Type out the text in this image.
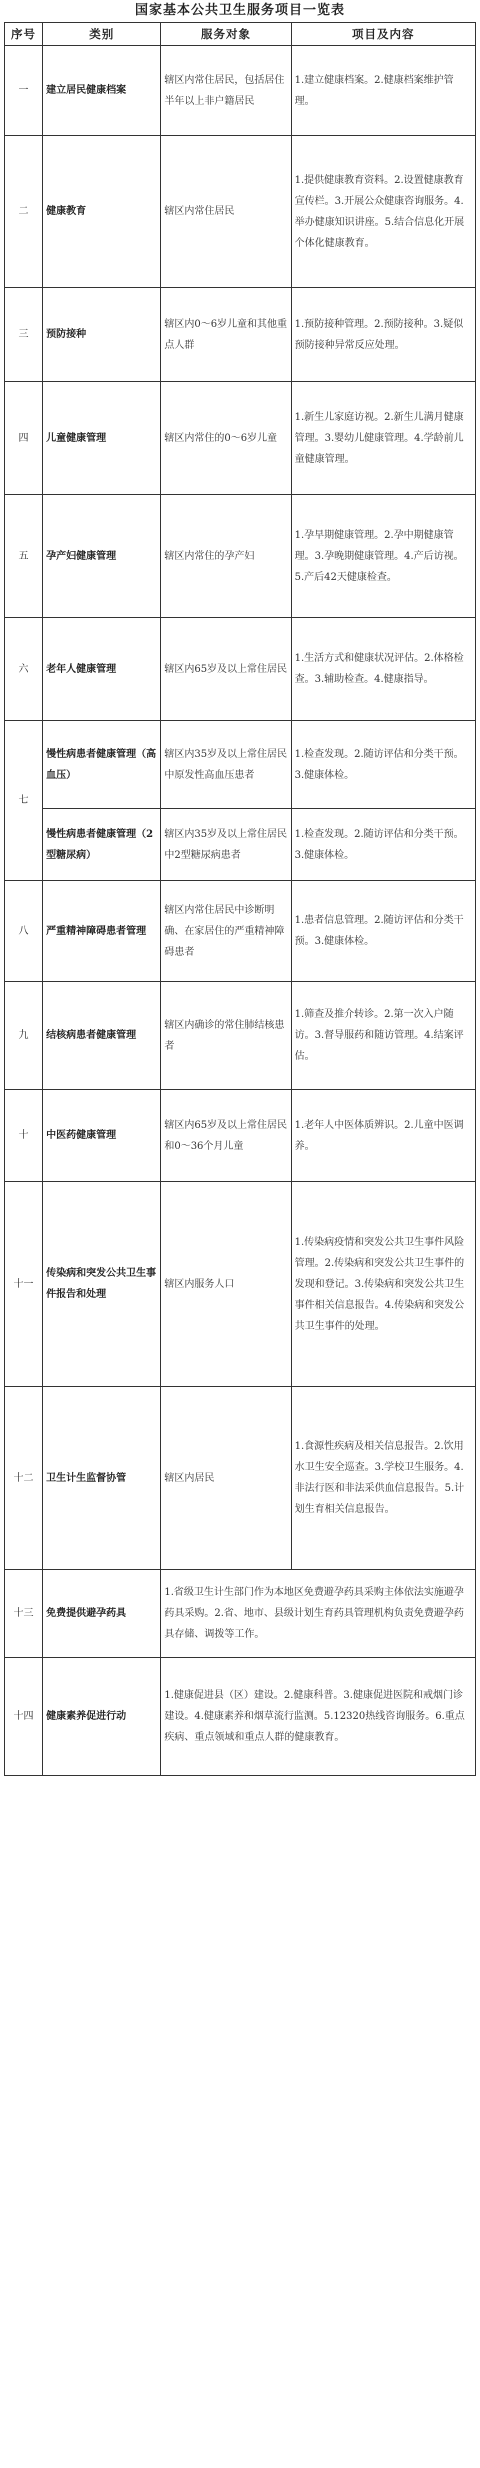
国家基本公共卫生服务项目一览表
序号	类别	服务对象	项目及内容
一	建立居民健康档案	辖区内常住居民，包括居住半年以上非户籍居民	1.建立健康档案。2.健康档案维护管理。
二	健康教育	辖区内常住居民	1.提供健康教育资料。2.设置健康教育宣传栏。3.开展公众健康咨询服务。4.举办健康知识讲座。5.结合信息化开展个体化健康教育。
三	预防接种	辖区内0～6岁儿童和其他重点人群	1.预防接种管理。2.预防接种。3.疑似预防接种异常反应处理。
四	儿童健康管理	辖区内常住的0～6岁儿童	1.新生儿家庭访视。2.新生儿满月健康管理。3.婴幼儿健康管理。4.学龄前儿童健康管理。
五	孕产妇健康管理	辖区内常住的孕产妇	1.孕早期健康管理。2.孕中期健康管理。3.孕晚期健康管理。4.产后访视。5.产后42天健康检查。
六	老年人健康管理	辖区内65岁及以上常住居民	1.生活方式和健康状况评估。2.体格检查。3.辅助检查。4.健康指导。
七	慢性病患者健康管理（高血压）	辖区内35岁及以上常住居民中原发性高血压患者	1.检查发现。2.随访评估和分类干预。3.健康体检。
	慢性病患者健康管理（2型糖尿病）	辖区内35岁及以上常住居民中2型糖尿病患者	1.检查发现。2.随访评估和分类干预。3.健康体检。
八	严重精神障碍患者管理	辖区内常住居民中诊断明确、在家居住的严重精神障碍患者	1.患者信息管理。2.随访评估和分类干预。3.健康体检。
九	结核病患者健康管理	辖区内确诊的常住肺结核患者	1.筛查及推介转诊。2.第一次入户随访。3.督导服药和随访管理。4.结案评估。
十	中医药健康管理	辖区内65岁及以上常住居民和0～36个月儿童	1.老年人中医体质辨识。2.儿童中医调养。
十一	传染病和突发公共卫生事件报告和处理	辖区内服务人口	1.传染病疫情和突发公共卫生事件风险管理。2.传染病和突发公共卫生事件的发现和登记。3.传染病和突发公共卫生事件相关信息报告。4.传染病和突发公共卫生事件的处理。
十二	卫生计生监督协管	辖区内居民	1.食源性疾病及相关信息报告。2.饮用水卫生安全巡查。3.学校卫生服务。4.非法行医和非法采供血信息报告。5.计划生育相关信息报告。
十三	免费提供避孕药具	1.省级卫生计生部门作为本地区免费避孕药具采购主体依法实施避孕药具采购。2.省、地市、县级计划生育药具管理机构负责免费避孕药具存储、调拨等工作。	
十四	健康素养促进行动	1.健康促进县（区）建设。2.健康科普。3.健康促进医院和戒烟门诊建设。4.健康素养和烟草流行监测。5.12320热线咨询服务。6.重点疾病、重点领域和重点人群的健康教育。	
